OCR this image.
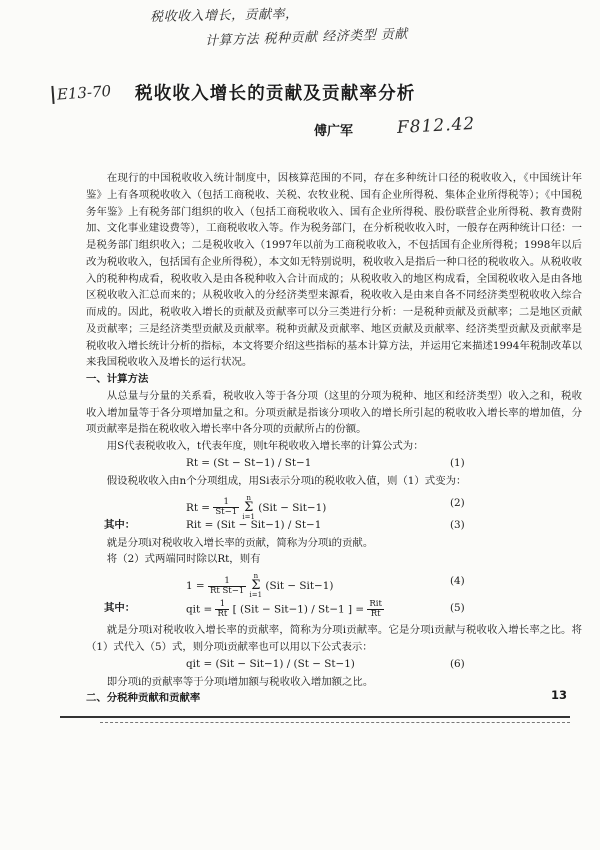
税收收入增长，贡献率，
计算方法 税种贡献 经济类型 贡献
E13-70
F812.42
税收收入增长的贡献及贡献率分析
傅广军

在现行的中国税收收入统计制度中，因核算范围的不同，存在多种统计口径的税收收入，《中国统计年鉴》上有各项税收收入（包括工商税收、关税、农牧业税、国有企业所得税、集体企业所得税等）；《中国税务年鉴》上有税务部门组织的收入（包括工商税收收入、国有企业所得税、股份联营企业所得税、教育费附加、文化事业建设费等），工商税收收入等。作为税务部门，在分析税收收入时，一般存在两种统计口径：一是税务部门组织收入；二是税收收入（1997年以前为工商税收收入，不包括国有企业所得税；1998年以后改为税收收入，包括国有企业所得税），本文如无特别说明，税收收入是指后一种口径的税收收入。从税收收入的税种构成看，税收收入是由各税种收入合计而成的；从税收收入的地区构成看，全国税收收入是由各地区税收收入汇总而来的；从税收收入的分经济类型来源看，税收收入是由来自各不同经济类型税收收入综合而成的。因此，税收收入增长的贡献及贡献率可以分三类进行分析：一是税种贡献及贡献率；二是地区贡献及贡献率；三是经济类型贡献及贡献率。税种贡献及贡献率、地区贡献及贡献率、经济类型贡献及贡献率是税收收入增长统计分析的指标，本文将要介绍这些指标的基本计算方法，并运用它来描述1994年税制改革以来我国税收收入及增长的运行状况。

一、计算方法

从总量与分量的关系看，税收收入等于各分项（这里的分项为税种、地区和经济类型）收入之和，税收收入增加量等于各分项增加量之和。分项贡献是指该分项收入的增长所引起的税收收入增长率的增加值，分项贡献率是指在税收收入增长率中各分项的贡献所占的份额。

用S代表税收收入，t代表年度，则t年税收收入增长率的计算公式为：

Rt = (St − St−1) / St−1	(1)

假设税收收入由n个分项组成，用Si表示分项i的税收收入值，则（1）式变为：

$Rt = \frac{1}{St-1}$
n
Σ
i=1 (Sit − Sit−1)	(2)
其中：	Rit = (Sit − Sit−1) / St−1	(3)

就是分项i对税收收入增长率的贡献，简称为分项i的贡献。

将（2）式两端同时除以Rt，则有

$1 = \frac{1}{\text{Rt St−1}}$
n
Σ
i=1 (Sit − Sit−1)	(4)
其中：	qit = $\frac{1}{Rt}$ [ (Sit − Sit−1) / St−1 ] = $\frac{\text{Rit}}{Rt}$	(5)

就是分项i对税收收入增长率的贡献率，简称为分项i贡献率。它是分项i贡献与税收收入增长率之比。将（1）式代入（5）式，则分项i贡献率也可以用以下公式表示：

qit = (Sit − Sit−1) / (St − St−1)	(6)

即分项i的贡献率等于分项i增加额与税收收入增加额之比。

二、分税种贡献和贡献率	13
